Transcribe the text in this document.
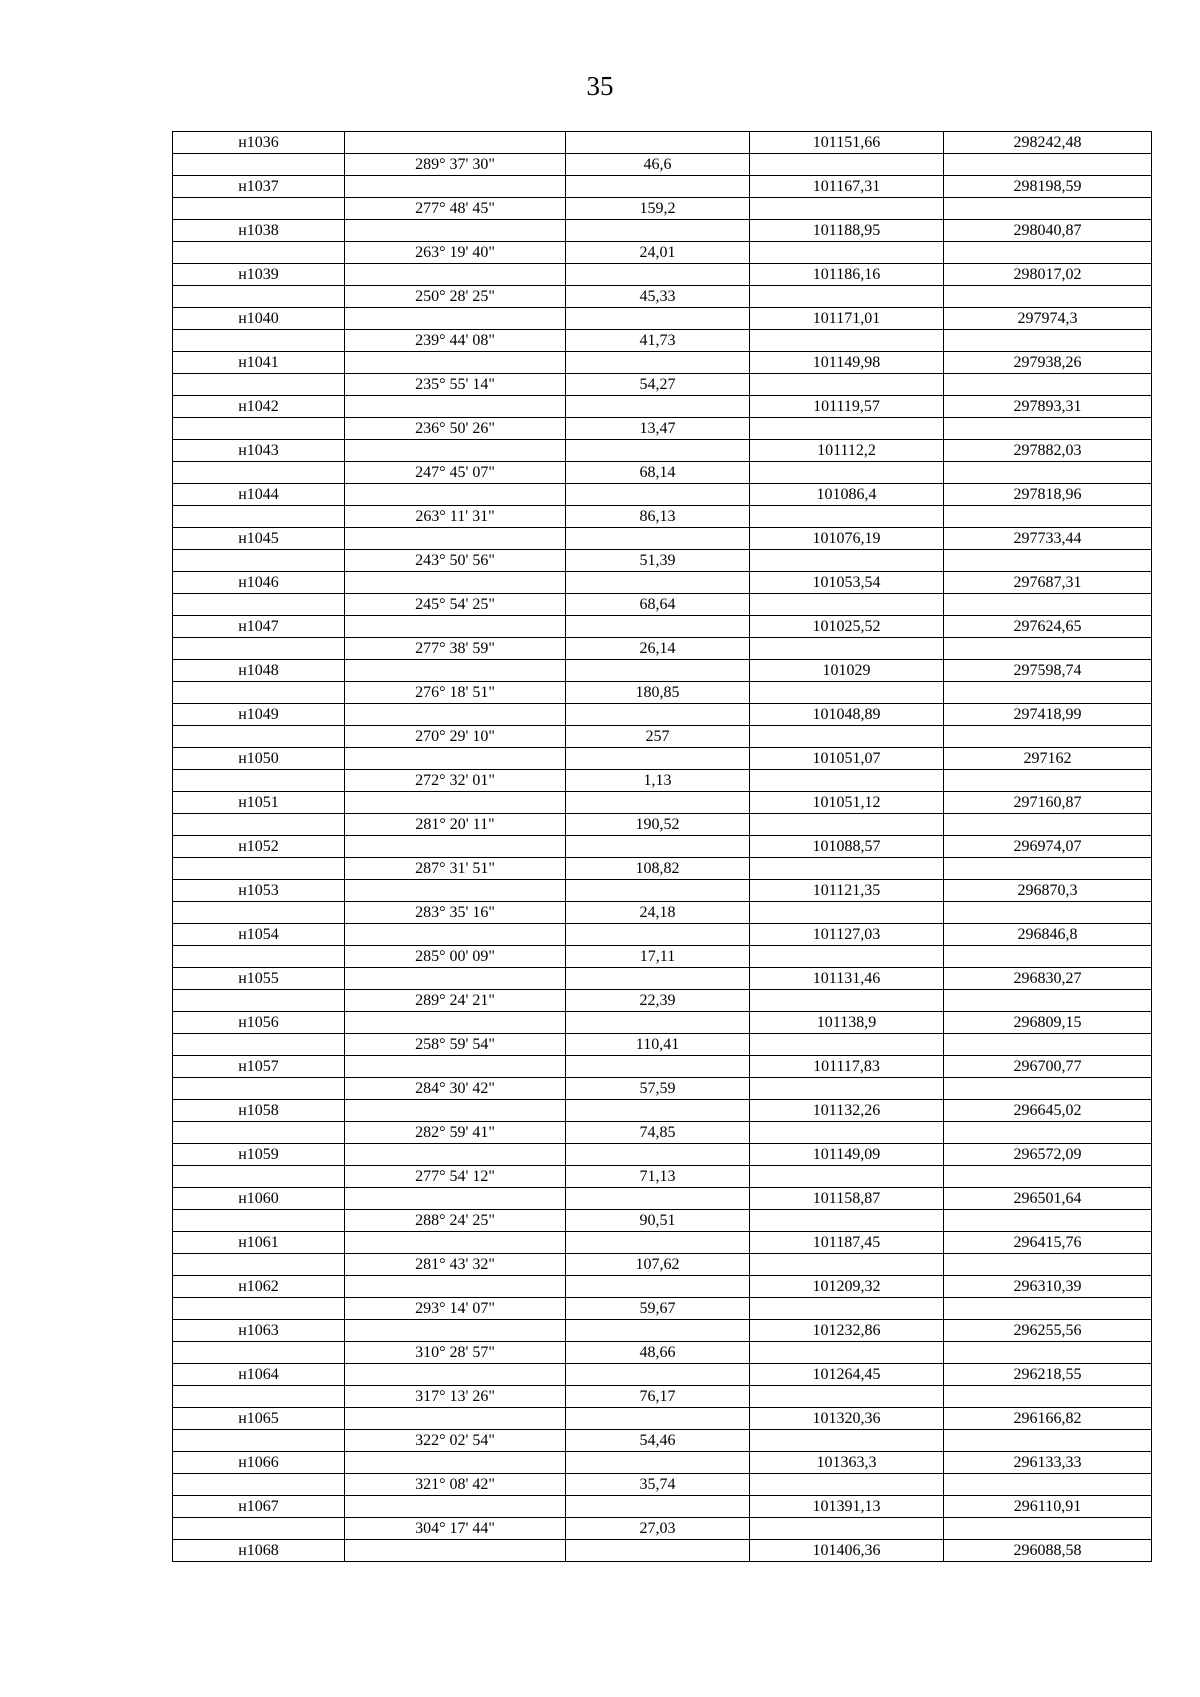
35
н1036			101151,66	298242,48
	289° 37' 30"	46,6		
н1037			101167,31	298198,59
	277° 48' 45"	159,2		
н1038			101188,95	298040,87
	263° 19' 40"	24,01		
н1039			101186,16	298017,02
	250° 28' 25"	45,33		
н1040			101171,01	297974,3
	239° 44' 08"	41,73		
н1041			101149,98	297938,26
	235° 55' 14"	54,27		
н1042			101119,57	297893,31
	236° 50' 26"	13,47		
н1043			101112,2	297882,03
	247° 45' 07"	68,14		
н1044			101086,4	297818,96
	263° 11' 31"	86,13		
н1045			101076,19	297733,44
	243° 50' 56"	51,39		
н1046			101053,54	297687,31
	245° 54' 25"	68,64		
н1047			101025,52	297624,65
	277° 38' 59"	26,14		
н1048			101029	297598,74
	276° 18' 51"	180,85		
н1049			101048,89	297418,99
	270° 29' 10"	257		
н1050			101051,07	297162
	272° 32' 01"	1,13		
н1051			101051,12	297160,87
	281° 20' 11"	190,52		
н1052			101088,57	296974,07
	287° 31' 51"	108,82		
н1053			101121,35	296870,3
	283° 35' 16"	24,18		
н1054			101127,03	296846,8
	285° 00' 09"	17,11		
н1055			101131,46	296830,27
	289° 24' 21"	22,39		
н1056			101138,9	296809,15
	258° 59' 54"	110,41		
н1057			101117,83	296700,77
	284° 30' 42"	57,59		
н1058			101132,26	296645,02
	282° 59' 41"	74,85		
н1059			101149,09	296572,09
	277° 54' 12"	71,13		
н1060			101158,87	296501,64
	288° 24' 25"	90,51		
н1061			101187,45	296415,76
	281° 43' 32"	107,62		
н1062			101209,32	296310,39
	293° 14' 07"	59,67		
н1063			101232,86	296255,56
	310° 28' 57"	48,66		
н1064			101264,45	296218,55
	317° 13' 26"	76,17		
н1065			101320,36	296166,82
	322° 02' 54"	54,46		
н1066			101363,3	296133,33
	321° 08' 42"	35,74		
н1067			101391,13	296110,91
	304° 17' 44"	27,03		
н1068			101406,36	296088,58
